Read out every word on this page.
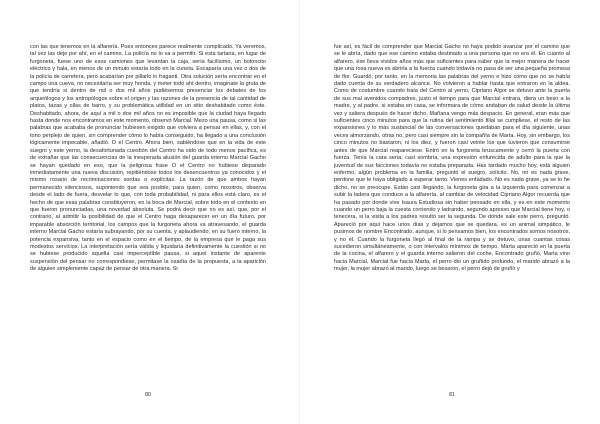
con las que tenemos en la alfarería. Pues entonces parece realmente complicado. Ya veremos, tal vez las deje por ahí, en el camino. La policía no lo va a permitir. Si esta tartana, en lugar de furgoneta, fuese uno de esos camiones que levantan la caja, sería facilísimo, un botoncito eléctrico y hala, en menos de un minuto estaría todo en la cuneta. Escaparía una vez o dos de la policía de carretera, pero acabarían por pillarlo in fraganti. Otra solución sería encontrar en el campo una cueva, no necesitaría ser muy honda, y meter todo ahí dentro, imaginate la gruta de que tendría si dentro de mil o dos mil años pudiésemos presenciar los debates de los arqueólogos y los antropólogos sobre el origen y las razones de la presencia de tal cantidad de platos, tazas y ollas de barro, y su problemática utilidad en un sitio deshabitado como éste. Deshabitado, ahora, de aquí a mil o dos mil años no es imposible que la ciudad haya llegado hasta donde nos encontramos en este momento, observó Marcial. Mezo una pausa, como si las palabras que acababa de pronunciar hubiesen exigido que volviera a pensar en ellas, y, con el tono perplejo de quien, sin comprender cómo lo había conseguido, ha llegado a una conclusión lógicamente impecable, añadió. O el Centro. Ahora bien, sabiéndose que en la vida de este suegro y este yerno, la desafortunada cuestión del Centro ha sido de todo menos pacífica, es de extrañar que las consecuencias de la inesperada alusión del guarda interno Marcial Gacho se hayan quedado en eso, que la peligrosa frase O el Centro no hubiese disparado inmediatamente una nueva discusión, repitiéndose todos los desencuentros ya conocidos y el mismo rosario de recriminaciones sordas o explícitas. La razón de que ambos hayan permanecido silenciosos, suponiendo que sea posible, para quien, como nosotros, observa desde el lado de fuera, desvelar lo que, con toda probabilidad, ni para ellos está claro, es el hecho de que esas palabras constituyeron, en la boca de Marcial, sobre todo en el contexto en que fueron pronunciadas, una novedad absoluta. Se podrá decir que no es así, que, por el contrario, al admitir la posibilidad de que el Centro haga desaparecer en un día futuro, por imparable absorción territorial, los campos que la furgoneta ahora va atravesando, el guarda interno Marcial Gacho estaría subrayando, por su cuenta, y aplaudiendo, en su fuero interno, la potencia expansiva, tanto en el espacio como en el tiempo, de la empresa que le paga sus modestos servicios. La interpretación sería válida y liquidaría definitivamente la cuestión si no se hubiese producido aquella casi imperceptible pausa, si aquel instante de aparente suspensión del pensar no correspondiese, permitase la osadía de la propuesta, a la aparición de alguien simplemente capaz de pensar de otra manera. Si

80

fue así, es fácil de comprender que Marcial Gacho no haya podido avanzar por el camino que se le abría, dado que ese camino estaba destinado a una persona que no era él. En cuanto al alfarero, ése lleva vividos años más que suficientes para saber que la mejor manera de hacer que una rosa nueva es abrirla a la fuerza cuando todavía no pasa de ser una pequeña promesa de flor. Guardó, por tanto, en la memoria las palabras del yerno e hizo como que no se había dado cuenta de su verdadero alcance. No volvieron a hablar hasta que entraron en la aldea. Como de costumbre cuando traía del Centro al yerno, Cipriano Algor se detuvo ante la puerta de sus mal avenidos compadres, justo el tiempo para que Marcial entrara, diera un beso a la madre, y al padre, si estaba en casa, se informara de cómo andaban de salud desde la última vez y saliera después de hacer dicho, Mañana vengo más despacio. En general, eran más que suficientes cinco minutos para que la rutina del sentimiento filial se cumpliese, el resto de las expansiones y lo más sustancial de las conversaciones quedaban para el día siguiente, unas veces almorzando, otras no, pero casi siempre sin la compañía de Marta. Hoy, sin embargo, los cinco minutos no bastaron, ni los diez, y fueron casi veinte los que tuvieron que consumirse antes de que Marcial reapareciese. Entró en la furgoneta bruscamente y cerró la puerta con fuerza. Tenía la cara seria, casi sombría, una expresión enfurecida de adulto para la que la juventud de sus facciones todavía no estaba preparada. Has tardado mucho hoy, está alguien enfermo, algún problema en la familia, preguntó el suegro, solícito. No, no es nada grave, perdone que le haya obligado a esperar tanto. Vienes enfadado. No es nada grave, ya se lo he dicho, no se preocupe. Están casi llegando, la furgoneta gira a la izquierda para comenzar a subir la ladera que conduce a la alfarería, al cambiar de velocidad Cipriano Algor recuerda que ha pasado por donde vive Isaura Estudiosa sin haber pensado en ella, y es en este momento cuando un perro baja la cuesta corriendo y ladrando, segundo apresso que Marcial tiene hoy, o tenecera, si la visita a los padres resultó ser la segunda. De dónde sale este perro, preguntó. Apareció por aquí hace unos días y dejamos que se quedara, es un animal simpático, le pusimos de nombre Encontrado, aunque, si lo pensamos bien, los encontrados somos nosotros, y no él. Cuando la furgoneta llegó al final de la rampa y se detuvo, unas cuantas cosas sucedieron simultáneamente, o con intervalos mínimos de tiempo. Marta apareció en la puerta de la cocina, el alfarero y el guarda interno salieron del coche, Encontrado gruñó, Marta vino hacia Marcial, Marcial fue hacia Marta, el perro dio un gruñido profundo, el marido abrazó a la mujer, la mujer abrazó al marido, luego se besaron, el perro dejó de gruñir y

81
